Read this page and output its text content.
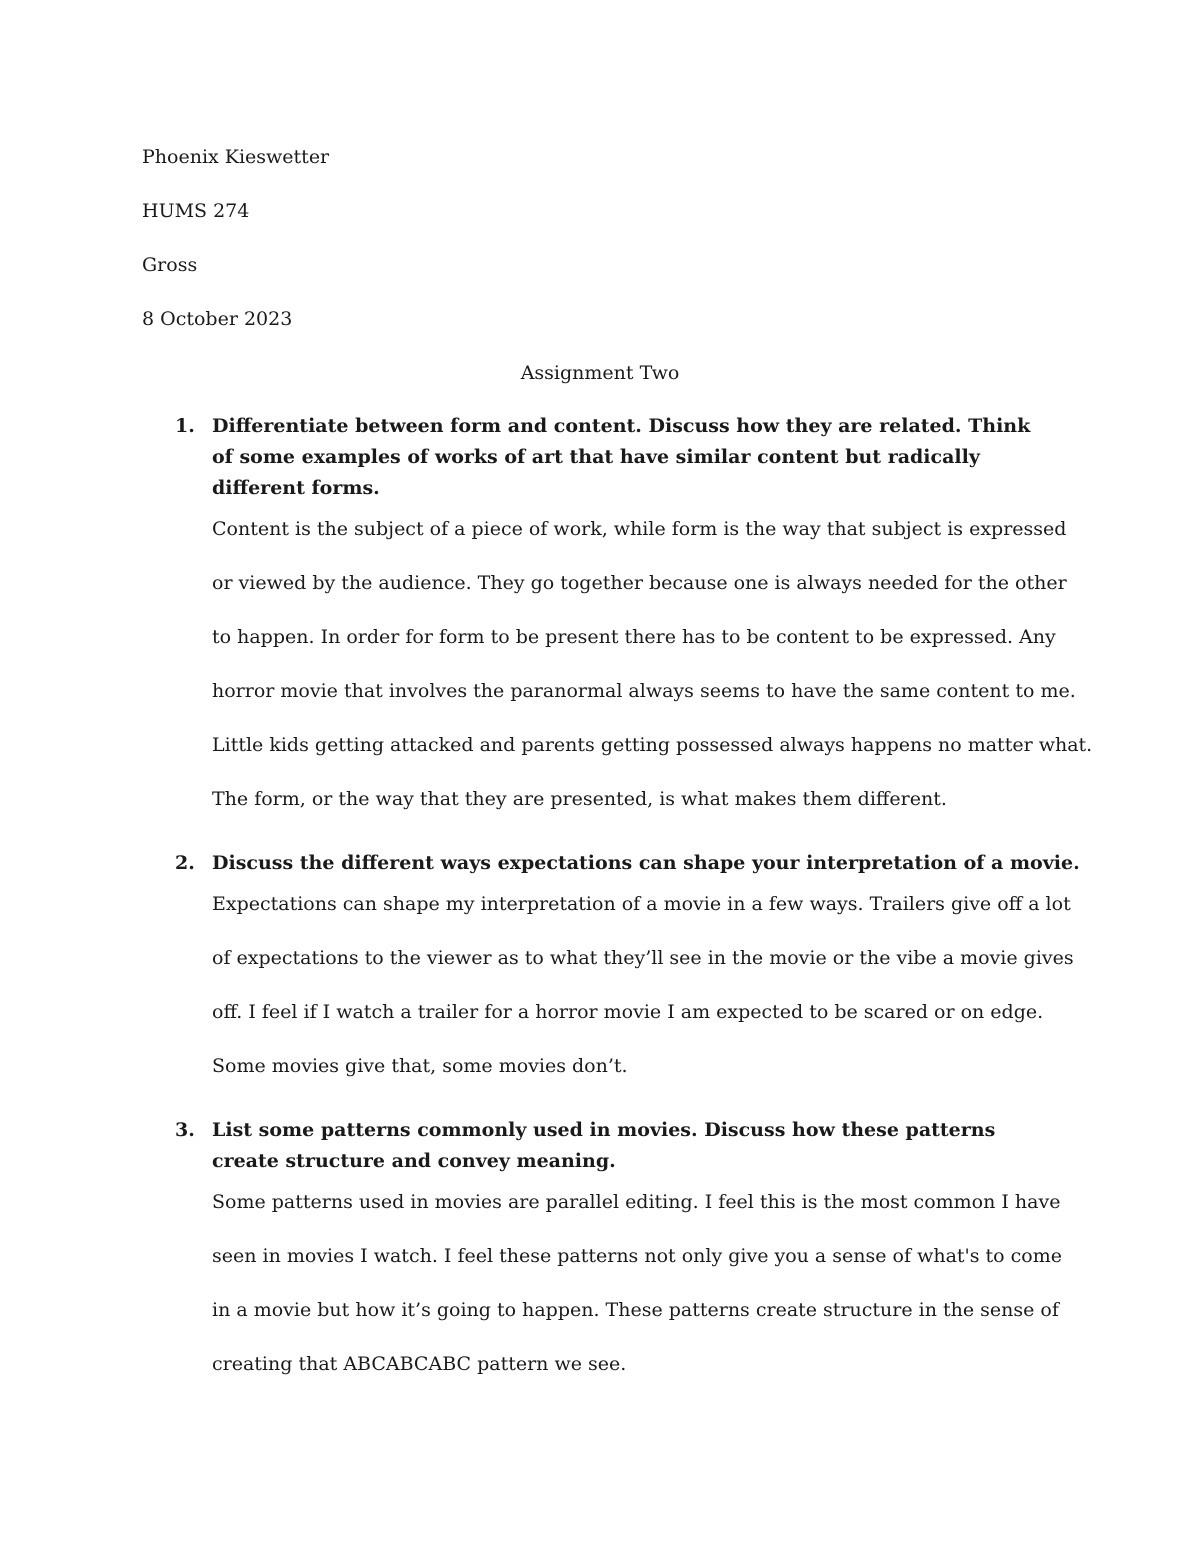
Phoenix Kieswetter
HUMS 274
Gross
8 October 2023
Assignment Two
1. Differentiate between form and content. Discuss how they are related. Think of some examples of works of art that have similar content but radically different forms.
Content is the subject of a piece of work, while form is the way that subject is expressed
or viewed by the audience. They go together because one is always needed for the other
to happen. In order for form to be present there has to be content to be expressed. Any
horror movie that involves the paranormal always seems to have the same content to me.
Little kids getting attacked and parents getting possessed always happens no matter what.
The form, or the way that they are presented, is what makes them different.
2. Discuss the different ways expectations can shape your interpretation of a movie.
Expectations can shape my interpretation of a movie in a few ways. Trailers give off a lot
of expectations to the viewer as to what they’ll see in the movie or the vibe a movie gives
off. I feel if I watch a trailer for a horror movie I am expected to be scared or on edge.
Some movies give that, some movies don’t.
3. List some patterns commonly used in movies. Discuss how these patterns create structure and convey meaning.
Some patterns used in movies are parallel editing. I feel this is the most common I have
seen in movies I watch. I feel these patterns not only give you a sense of what's to come
in a movie but how it’s going to happen. These patterns create structure in the sense of
creating that ABCABCABC pattern we see.
